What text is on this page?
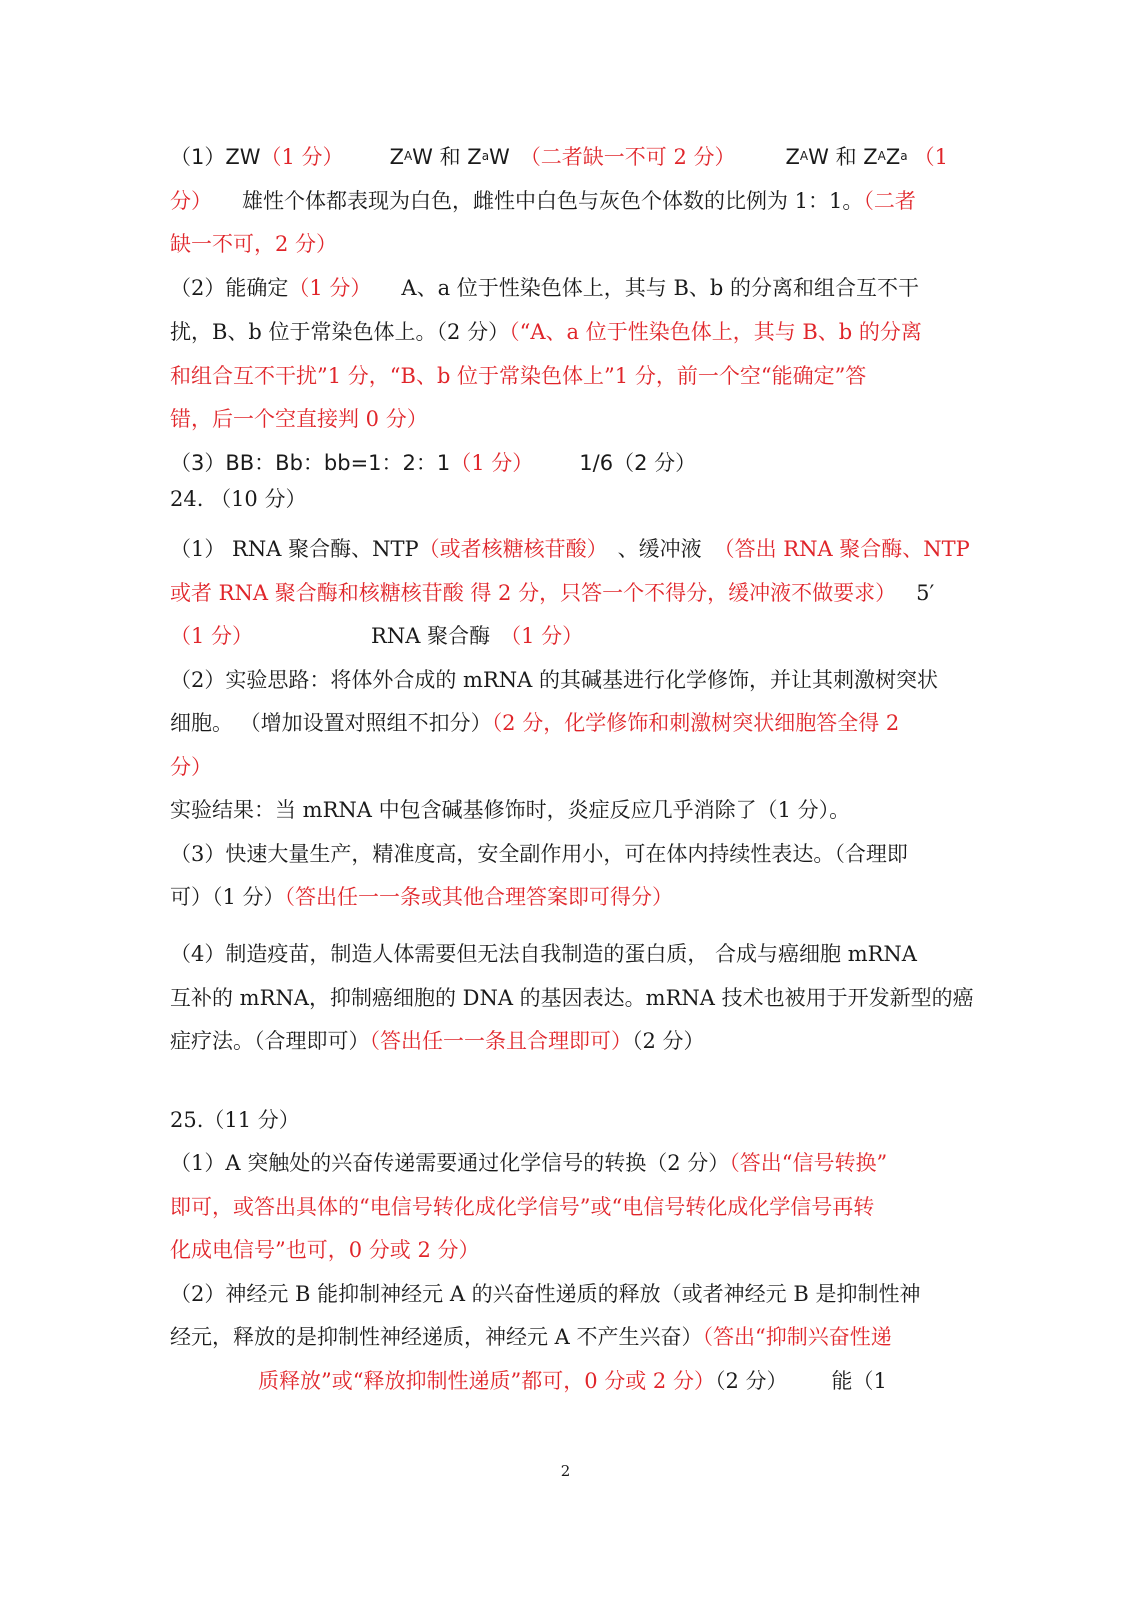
（1）ZW（1 分） $Z^AW$ 和 $Z^aW$ （二者缺一不可 2 分） $Z^AW$ 和 $Z^AZ^a$ （1
分） 雄性个体都表现为白色，雌性中白色与灰色个体数的比例为 1：1。（二者
缺一不可，2 分）
（2）能确定（1 分） A、a 位于性染色体上，其与 B、b 的分离和组合互不干
扰，B、b 位于常染色体上。（2 分）（“A、a 位于性染色体上，其与 B、b 的分离
和组合互不干扰”1 分，“B、b 位于常染色体上”1 分，前一个空“能确定”答
错，后一个空直接判 0 分）
（3）BB：Bb：bb=1：2：1（1 分） 1/6（2 分）
24. （10 分）
（1） RNA 聚合酶、NTP（或者核糖核苷酸） 、缓冲液 （答出 RNA 聚合酶、NTP
或者 RNA 聚合酶和核糖核苷酸 得 2 分，只答一个不得分，缓冲液不做要求） 5′
（1 分）	RNA 聚合酶 （1 分）
（2）实验思路：将体外合成的 mRNA 的其碱基进行化学修饰，并让其刺激树突状
细胞。 （增加设置对照组不扣分）（2 分，化学修饰和刺激树突状细胞答全得 2
分）
实验结果：当 mRNA 中包含碱基修饰时，炎症反应几乎消除了（1 分）。
（3）快速大量生产，精准度高，安全副作用小，可在体内持续性表达。（合理即
可）（1 分）（答出任一一条或其他合理答案即可得分）
（4）制造疫苗，制造人体需要但无法自我制造的蛋白质， 合成与癌细胞 mRNA
互补的 mRNA，抑制癌细胞的 DNA 的基因表达。mRNA 技术也被用于开发新型的癌
症疗法。（合理即可）（答出任一一条且合理即可）（2 分）
25.（11 分）
（1）A 突触处的兴奋传递需要通过化学信号的转换（2 分）（答出“信号转换”
即可，或答出具体的“电信号转化成化学信号”或“电信号转化成化学信号再转
化成电信号”也可，0 分或 2 分）
（2）神经元 B 能抑制神经元 A 的兴奋性递质的释放（或者神经元 B 是抑制性神
经元，释放的是抑制性神经递质，神经元 A 不产生兴奋）（答出“抑制兴奋性递
质释放”或“释放抑制性递质”都可，0 分或 2 分）（2 分） 能（1
2
